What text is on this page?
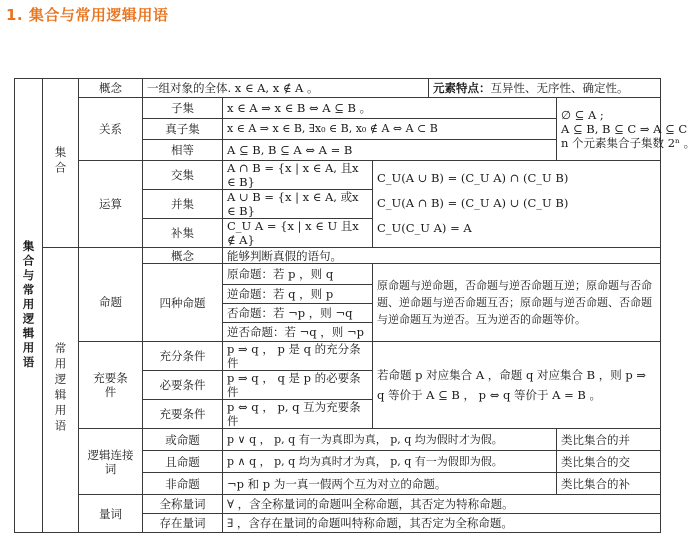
1. 集合与常用逻辑用语
集合与常用逻辑用语	集合	概念	一组对象的全体. x ∈ A, x ∉ A 。			元素特点：互异性、无序性、确定性。	
		关系	子集	x ∈ A ⇒ x ∈ B ⇔ A ⊆ B 。			∅ ⊆ A ;
A ⊆ B, B ⊆ C ⇒ A ⊆ C
n 个元素集合子集数 2ⁿ 。

			真子集	x ∈ A ⇒ x ∈ B, ∃x₀ ∈ B, x₀ ∉ A ⇔ A ⊂ B			
			相等	A ⊆ B, B ⊆ A ⇔ A = B			
		运算	交集	A ∩ B = {x | x ∈ A, 且x ∈ B}	C_U(A ∪ B) = (C_U A) ∩ (C_U B)
C_U(A ∩ B) = (C_U A) ∪ (C_U B)
C_U(C_U A) = A		

			并集	A ∪ B = {x | x ∈ A, 或x ∈ B}			
			补集	C_U A = {x | x ∈ U 且x ∉ A}			
	常用逻辑用语		概念	能够判断真假的语句。			
		命题	四种命题	原命题：若 p ，则 q	原命题与逆命题，否命题与逆否命题互逆；原命题与否命题、逆命题与逆否命题互否；原命题与逆否命题、否命题与逆命题互为逆否。互为逆否的命题等价。		
				逆命题：若 q ，则 p			
				否命题：若 ¬p ，则 ¬q			
				逆否命题：若 ¬q ，则 ¬p			
		充要条件	充分条件	p ⇒ q ， p 是 q 的充分条件	若命题 p 对应集合 A ，命题 q 对应集合 B ，则 p ⇒ q 等价于 A ⊆ B ， p ⇔ q 等价于 A = B 。		
			必要条件	p ⇒ q ， q 是 p 的必要条件			
			充要条件	p ⇔ q ， p, q 互为充要条件			
		逻辑连接词	或命题	p ∨ q ， p, q 有一为真即为真， p, q 均为假时才为假。			类比集合的并
			且命题	p ∧ q ， p, q 均为真时才为真， p, q 有一为假即为假。			类比集合的交
			非命题	¬p 和 p 为一真一假两个互为对立的命题。			类比集合的补
		量词	全称量词	∀ ，含全称量词的命题叫全称命题，其否定为特称命题。			
			存在量词	∃ ，含存在量词的命题叫特称命题，其否定为全称命题。			
